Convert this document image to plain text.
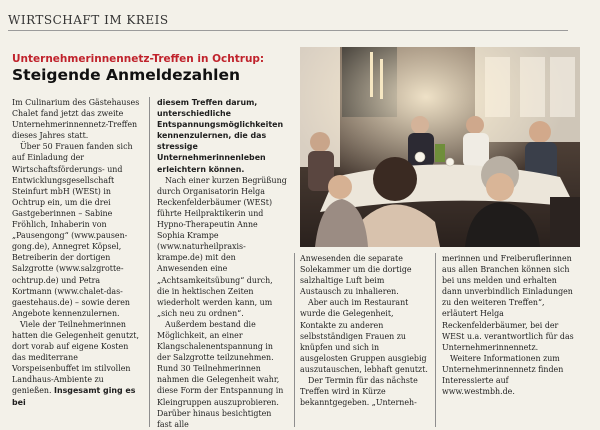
WIRTSCHAFT IM KREIS
Unternehmerinnennetz-Treffen in Ochtrup:
Steigende Anmeldezahlen

Im Culinarium des Gästehauses Chalet fand jetzt das zweite Unternehmerinnennetz-Treffen dieses Jahres statt.

Über 50 Frauen fanden sich auf Einladung der Wirtschaftsförderungs- und Entwicklungsgesellschaft Steinfurt mbH (WESt) in Ochtrup ein, um die drei Gastgeberinnen – Sabine Fröhlich, Inhaberin von „Pausengong“ (www.pausen-gong.de), Annegret Köpsel, Betreiberin der dortigen Salzgrotte (www.salzgrotte-ochtrup.de) und Petra Kortmann (www.chalet-das-gaestehaus.de) – sowie deren Angebote kennenzulernen.

Viele der Teilnehmerinnen hatten die Gelegenheit genutzt, dort vorab auf eigene Kosten das mediterrane Vorspeisenbuffet im stilvollen Landhaus-Ambiente zu genießen. Insgesamt ging es bei

diesem Treffen darum, unterschiedliche Entspannungsmöglichkeiten kennenzulernen, die das stressige Unternehmerinnenleben erleichtern können.

Nach einer kurzen Begrüßung durch Organisatorin Helga Reckenfelderbäumer (WESt) führte Heilpraktikerin und Hypno-Therapeutin Anne Sophia Krampe (www.naturheilpraxis-krampe.de) mit den Anwesenden eine „Achtsamkeitsübung“ durch, die in hektischen Zeiten wiederholt werden kann, um „sich neu zu ordnen“.

Außerdem bestand die Möglichkeit, an einer Klangschalenentspannung in der Salzgrotte teilzunehmen. Rund 30 Teilnehmerinnen nahmen die Gelegenheit wahr, diese Form der Entspannung in Kleingruppen auszuprobieren. Darüber hinaus besichtigten fast alle

Anwesenden die separate Solekammer um die dortige salzhaltige Luft beim Austausch zu inhalieren.

Aber auch im Restaurant wurde die Gelegenheit, Kontakte zu anderen selbstständigen Frauen zu knüpfen und sich in ausgelosten Gruppen ausgiebig auszutauschen, lebhaft genutzt.

Der Termin für das nächste Treffen wird in Kürze bekanntgegeben. „Unterneh-

merinnen und Freiberuflerinnen aus allen Branchen können sich bei uns melden und erhalten dann unverbindlich Einladungen zu den weiteren Treffen“, erläutert Helga Reckenfelderbäumer, bei der WESt u.a. verantwortlich für das Unternehmerinnennetz.

Weitere Informationen zum Unternehmerinnennetz finden Interessierte auf www.westmbh.de.
